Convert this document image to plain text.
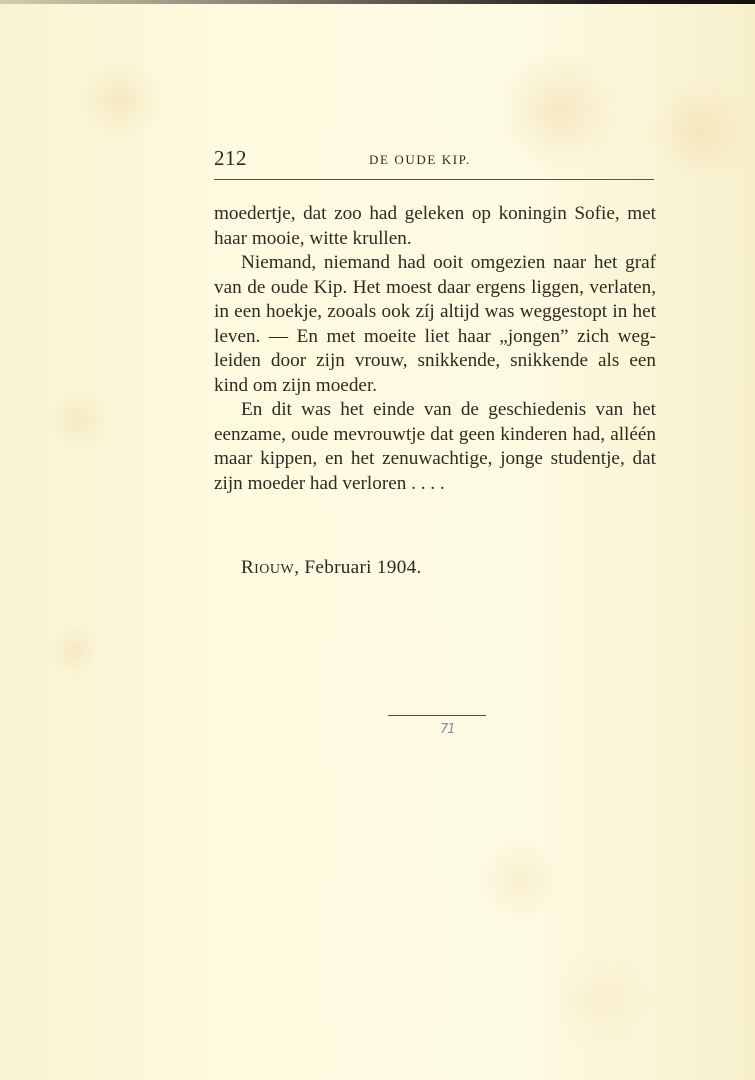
212	DE OUDE KIP.

moedertje, dat zoo had geleken op koningin Sofie, met haar mooie, witte krullen.

Niemand, niemand had ooit omgezien naar het graf van de oude Kip. Het moest daar ergens liggen, verlaten, in een hoekje, zooals ook zíj altijd was weggestopt in het leven. — En met moeite liet haar „jongen” zich wegleiden door zijn vrouw, snikkende, snikkende als een kind om zijn moeder.

En dit was het einde van de geschiedenis van het eenzame, oude mevrouwtje dat geen kinderen had, alléén maar kippen, en het zenuwachtige, jonge studentje, dat zijn moeder had verloren . . . .

RIOUW, Februari 1904.
71
